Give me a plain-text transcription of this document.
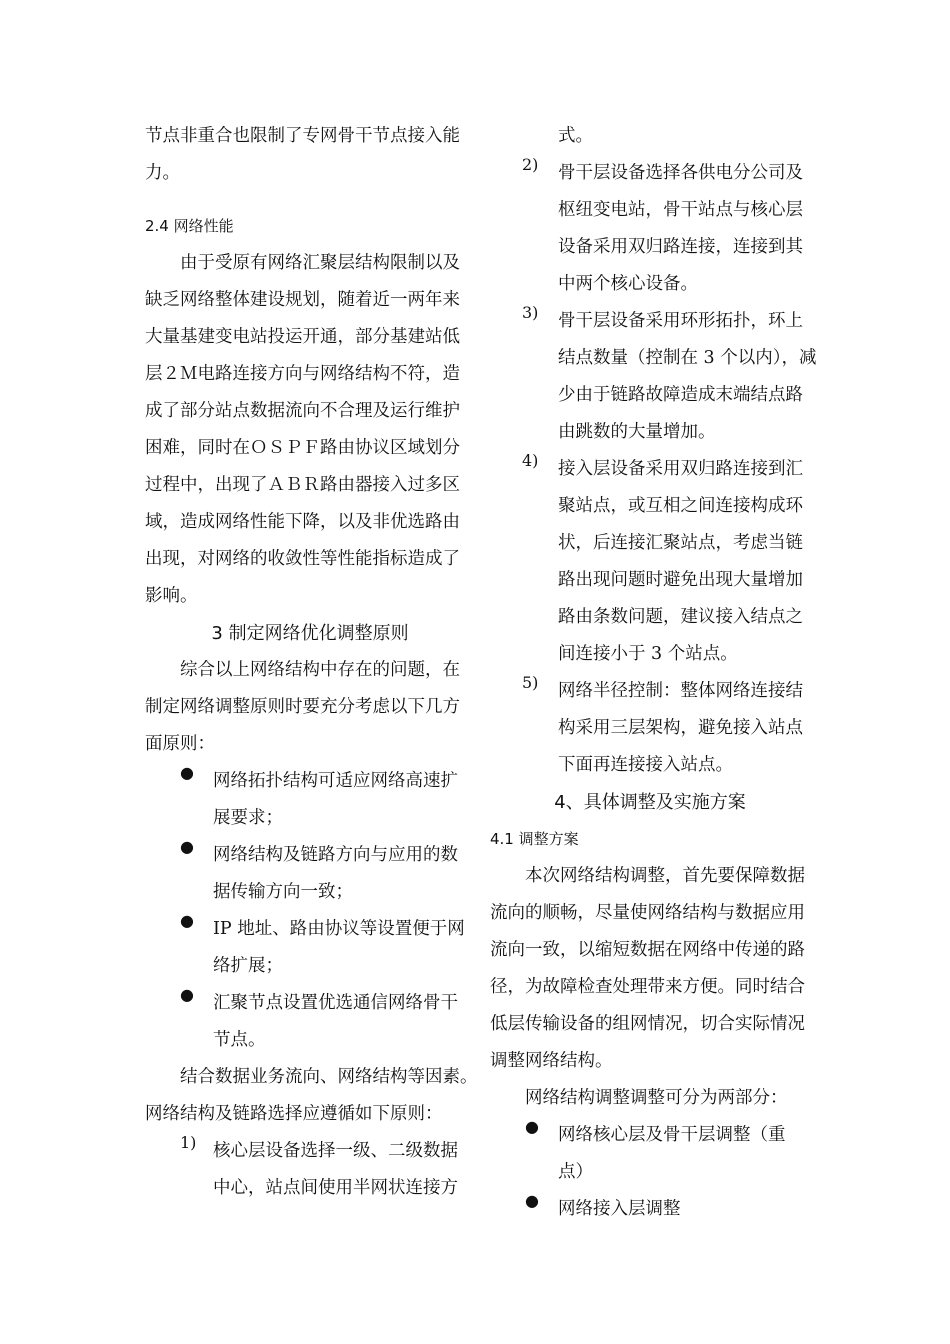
节点非重合也限制了专网骨干节点接入能
力。
2.4 网络性能
由于受原有网络汇聚层结构限制以及
缺乏网络整体建设规划，随着近一两年来
大量基建变电站投运开通，部分基建站低
层２Ｍ电路连接方向与网络结构不符，造
成了部分站点数据流向不合理及运行维护
困难，同时在ＯＳＰＦ路由协议区域划分
过程中，出现了ＡＢＲ路由器接入过多区
域，造成网络性能下降，以及非优选路由
出现，对网络的收敛性等性能指标造成了
影响。
3 制定网络优化调整原则
综合以上网络结构中存在的问题，在
制定网络调整原则时要充分考虑以下几方
面原则：
● 网络拓扑结构可适应网络高速扩
展要求；
● 网络结构及链路方向与应用的数
据传输方向一致；
● IP 地址、路由协议等设置便于网
络扩展；
● 汇聚节点设置优选通信网络骨干
节点。
结合数据业务流向、网络结构等因素。
网络结构及链路选择应遵循如下原则：
1) 核心层设备选择一级、二级数据
中心，站点间使用半网状连接方
式。
2) 骨干层设备选择各供电分公司及
枢纽变电站，骨干站点与核心层
设备采用双归路连接，连接到其
中两个核心设备。
3) 骨干层设备采用环形拓扑，环上
结点数量（控制在 3 个以内），减
少由于链路故障造成末端结点路
由跳数的大量增加。
4) 接入层设备采用双归路连接到汇
聚站点，或互相之间连接构成环
状，后连接汇聚站点，考虑当链
路出现问题时避免出现大量增加
路由条数问题，建议接入结点之
间连接小于 3 个站点。
5) 网络半径控制：整体网络连接结
构采用三层架构，避免接入站点
下面再连接接入站点。
4、具体调整及实施方案
4.1 调整方案
本次网络结构调整，首先要保障数据
流向的顺畅，尽量使网络结构与数据应用
流向一致，以缩短数据在网络中传递的路
径，为故障检查处理带来方便。同时结合
低层传输设备的组网情况，切合实际情况
调整网络结构。
网络结构调整调整可分为两部分：
● 网络核心层及骨干层调整（重
点）
● 网络接入层调整
